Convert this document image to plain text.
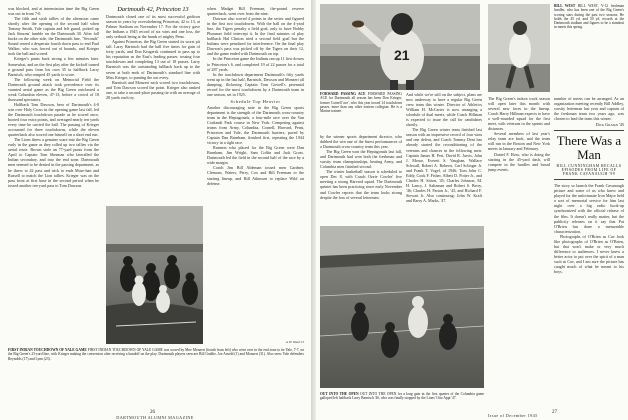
was blocked, and at intermission time the Big Green was out in front 7-0.

The fifth and sixth tallies of the afternoon came shortly after the opening of the second half when Tommy Smith, Yale captain and left guard, picked up Jack Simons' fumble on the Dartmouth 30. After fall backs on the other side, the Dartmouth line, "Seconds" Sound reared a desperate fourth down pass to end Paul Walker, who was forced out of bounds, and Krieger took the ball and scored.

Krieger's punts back strong a few minutes later. Somewhat, and on the first play after the kickoff turned a ground pass from his own 35 to halfback Larry Barnisch, who romped 45 yards to score.

The following week on Memorial Field the Dartmouth ground attack took precedence over its vaunted aerial game as the Big Green outclassed a weak Columbia eleven, 47-13, before a crowd of 18 thousand spectators.

Halfback Tom Dawson, hero of Dartmouth's 4-0 win over Holy Cross in the opening game last fall, led the Dartmouth touchdown parade as he scored once, booted four extra points, and averaged nearly ten yards every time he carried the ball. The passing of Krieger accounted for three touchdowns, while the eleven quarterback also scored one himself on a short end run.

The Lions threw a genuine scare into the Big Green early in the game as they rolled up two tallies via the aerial route. Brown stole an 77-yard punts from the April to Captain Tom Sherman who lateralled the Indian secondary, and into the end zone. Dartmouth men seemed to be denied in the passing department, as he threw to 42 pass and trick to ends Mose-han and Russell to match the Lion tallies. Krieger was on the pass front at first base in the second period when he tossed another ten-yard pass to Tom Dawson.

Dartmouth 42, Princeton 13

Dartmouth closed one of its most successful gridiron season in years by overwhelming Princeton, 42 to 13, at Palmer Stadium on November 17. For the victory gave the Indians a 1945 record of six wins and one loss, the only setback being at the hands of mighty Penn.

Against Princeton, the Big Green started its worst pit fall. Larry Barnisch had the ball five times for gain of forty yards, and Don Krugersk continued to pass up to his reputation as the East's leading passer, tossing four touchdowns and completing 13 out of 18 passes. Larry Barnisch was the outstanding fullback back up to the seven at both ends of Dartmouth's standard line with Miss Krieger, to punting the out every.

Barnisch and Monzert each scored two touchdowns, and Tom Dawson scored the point. Krieger also ranked one, to take a second-place passing tie with an average of 28 yards each try.

when Madget Bill Freeman, the-pound reserve quarterback, went over from the nine.

Dawson also scored 4 points in the series and figured in the first two touchdowns. With the ball on the 4-yard line, tho Tigers penalty a field goal, only to have Bobby Plummer field intercept it. In the final minutes of play halfback Hal Clinton tried a second field goal but the Indians were penalized for interference. On the final play Dawson's pass was picked off by the Tigers on their 12, and the game ended with Dartmouth on top.

In the Princeton game the Indians ran up 11 first downs to Princeton's 6, and completed 19 of 22 passes for a total of 287 yards.

In the touchdown department Dartmouth's fifty yards went up in the last half, Barnisch, Dawson and Monzert all dumping, flickering Captain Tom Gowell's perennial record for the most touchdowns by a Dartmouth team in one season, set in 1925.

Schedule Top Heavier

Another discouraging note in the Big Green sports department is the strength of the Dartmouth cross-country team in the Heptagonals, a four-mile race over the Van Cortlandt Park course in New York. Competing against teams from Army, Columbia, Cornell, Harvard, Penn, Princeton and Yale, the Dartmouth harriers, paced by Captain Dan Burnham, finished first, repeating the 1944 victory in a tight race.

Runners who placed for the Big Green were Dan Burnham, Jim Wright, Sam Coffin and Jack Gross. Dartmouth led the field in the second half of the race by a wide margin.

Coach Jim Bill Aldeman tossed men Gardner, Clemons, Waters, Perry, Cox and Bill Freeman to the starting lineup, and Bill Atkinson to replace Wild on defense.

A. H. Wood '13
FIRST INDIAN TOUCHDOWN OF YALE GAME FIRST INDIAN TOUCHDOWN OF YALE GAME was scored by Moe Monzert (fourth from left) who went over in the end zone to tie Yale, 7-7, on the Big Green's 23-yard line, with Krieger making the conversion after receiving a handoff on the play. Dartmouth players seen are Bill Gaddie, Joe Arnold (1) and Monzert (31). Also seen: Yale defenders Reynolds (17) and Lynn (23).
26
DARTMOUTH ALUMNI MAGAZINE
21
FORWARD PASSING ACE FORWARD PASSING ACE for Dartmouth all season has been Don Krieger, former Cornell 'ace', who this year tossed 14 touchdown passes, more than any other eastern collegian. He is a Marine trainee.

And while we're still on the subject, plans are now underway to have a regular Big Green crew team this winter. Director of Athletics William H. McCarter is now arranging a schedule of dual meets, while Coach Hillman is expected to issue the call for candidates shortly.

The Big Green winter team finished last season with an impressive record of four wins and one defeat, and Coach Tommy Dent has already started the reconditioning of the veterans and chances in the following men: Captain James H. Peri, David R. Jarvis, John J. Mosse, Everett S. Vaughan, Wallace Schwall, Robert A. Roberts, Carl Sclinger Jr. and Frank T. Vogel, of 1946; Tom John C. Eddy, Cook F. Fisher, Albert D. Potter Jr., and Charles H. Sitton, '45; Charles Johnson, M. H. Lancy, J. Saltzman and Robert S. Berry, '46; Charles H. Parton Jr., '45, and Richard F. Stewart Jr. Also continuing: John W. Kraft and Barry A. Marks, '47.

by the winner sports department director, who dubbed the win one of the finest performances of a Dartmouth cross-country team this year.

The Big Green won the Heptagonals last fall, and Dartmouth had won both the freshman and varsity team championships, beating Army, and Columbia men finished second.

The winter basketball season is scheduled to open Dec 8, with Coach Ozzie Cowles' five meeting a strong Harvard squad. The Dartmouth quintet has been practicing since early November and Cowles reports that the team looks strong despite the loss of several lettermen.

OUT INTO THE OPEN OUT INTO THE OPEN for a long gain in the first quarter of the Columbia game galloped left halfback Larry Barnisch '46, who was finally stopped by the Lions' Otto Appt '47.
BILL WEST BILL WEST, V-12 freshman hurdler, who has been one of the Big Green's scoring stars during the past two seasons. He holds the 45 yd, and 50 yd. records at the Dartmouth stadium and figures to be a standout in meets this spring.

The Big Green's indoor track season will open later this month with several new faces in the lineup. Coach Harry Hillman expects to have a well-rounded squad for the first meet, with veterans in the sprints and distances.

Several members of last year's relay team are back, and the team will run in the Boston and New York meets in January and February.

Daniel F. Hoss, who is doing the starting in the 45-yard dash, will compete in the hurdles and broad jump events.

number of meets can be arranged. As an organization meeting recently Bill Addley, varsity letterman last year and captain of the freshman team two years ago, was chosen to lead the team this winter.

Dick Gilman '45
There Was a Man
BILL CUNNINGHAM RECALLS EPISODES FROM LIFE OF FRANK CAVANAUGH '99

The story so launch the Frank Cavanaugh picture and some of us who knew and played for the unfortunate Iron Major held a sort of memorial service for him last night over a big radio hook-up synchronized with the official release of the film. It doesn't really matter, but the publicity releases on it say that Pat O'Brien has done a memorable characterization.

Photographs of O'Brien as Cav look like photographs of O'Brien as O'Brien, but that won't make or very much difference to audiences. I never knew a better actor to put over the spirit of a man such as Cav, and I am sure the picture has caught much of what he meant to his boys.

Issue of December 1945
27
